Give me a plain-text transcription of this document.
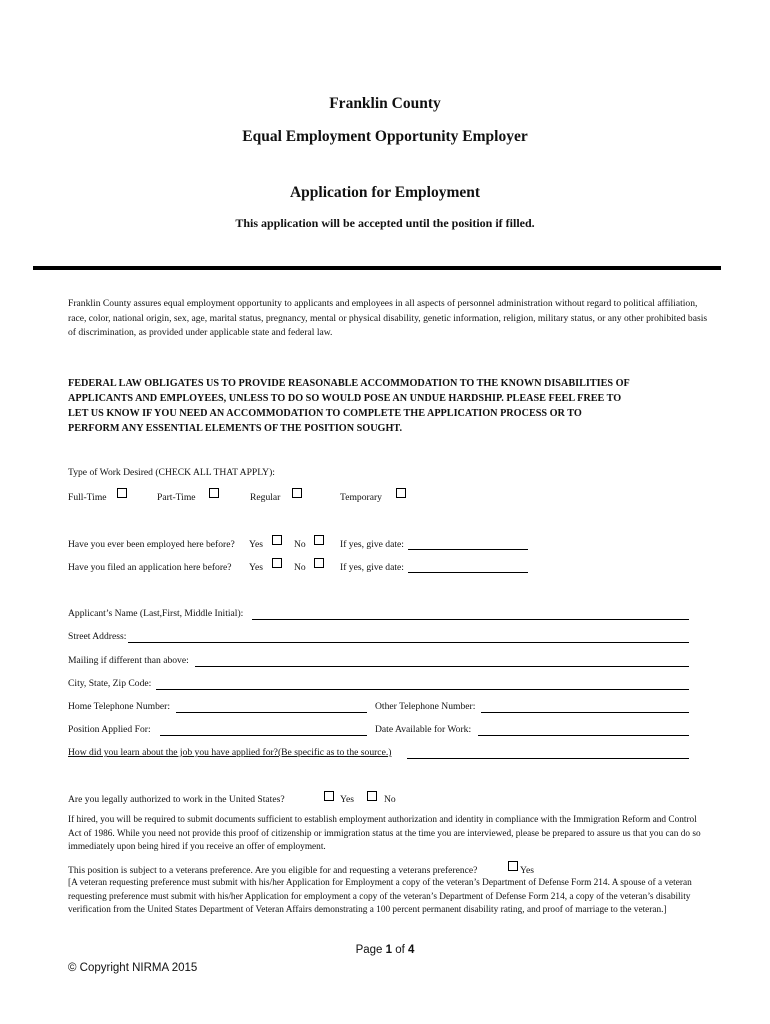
Franklin County
Equal Employment Opportunity Employer
Application for Employment
This application will be accepted until the position if filled.
Franklin County assures equal employment opportunity to applicants and employees in all aspects of personnel administration without regard to political affiliation, race, color, national origin, sex, age, marital status, pregnancy, mental or physical disability, genetic information, religion, military status, or any other prohibited basis of discrimination, as provided under applicable state and federal law.
FEDERAL LAW OBLIGATES US TO PROVIDE REASONABLE ACCOMMODATION TO THE KNOWN DISABILITIES OF
APPLICANTS AND EMPLOYEES, UNLESS TO DO SO WOULD POSE AN UNDUE HARDSHIP. PLEASE FEEL FREE TO
LET US KNOW IF YOU NEED AN ACCOMMODATION TO COMPLETE THE APPLICATION PROCESS OR TO
PERFORM ANY ESSENTIAL ELEMENTS OF THE POSITION SOUGHT.
Type of Work Desired (CHECK ALL THAT APPLY):
Full-Time	Part-Time	Regular	Temporary
Have you ever been employed here before? Yes	No	If yes, give date:
Have you filed an application here before? Yes	No	If yes, give date:
Applicant’s Name (Last,First, Middle Initial):
Street Address:
Mailing if different than above:
City, State, Zip Code:
Home Telephone Number:	Other Telephone Number:
Position Applied For:	Date Available for Work:
How did you learn about the job you have applied for?(Be specific as to the source.)
Are you legally authorized to work in the United States?	Yes	No
If hired, you will be required to submit documents sufficient to establish employment authorization and identity in compliance with the Immigration Reform and Control Act of 1986. While you need not provide this proof of citizenship or immigration status at the time you are interviewed, please be prepared to assure us that you can do so immediately upon being hired if you receive an offer of employment.
This position is subject to a veterans preference. Are you eligible for and requesting a veterans preference?	Yes
[A veteran requesting preference must submit with his/her Application for Employment a copy of the veteran’s Department of Defense Form 214. A spouse of a veteran requesting preference must submit with his/her Application for employment a copy of the veteran’s Department of Defense Form 214, a copy of the veteran’s disability verification from the United States Department of Veteran Affairs demonstrating a 100 percent permanent disability rating, and proof of marriage to the veteran.]
Page 1 of 4
© Copyright NIRMA 2015
